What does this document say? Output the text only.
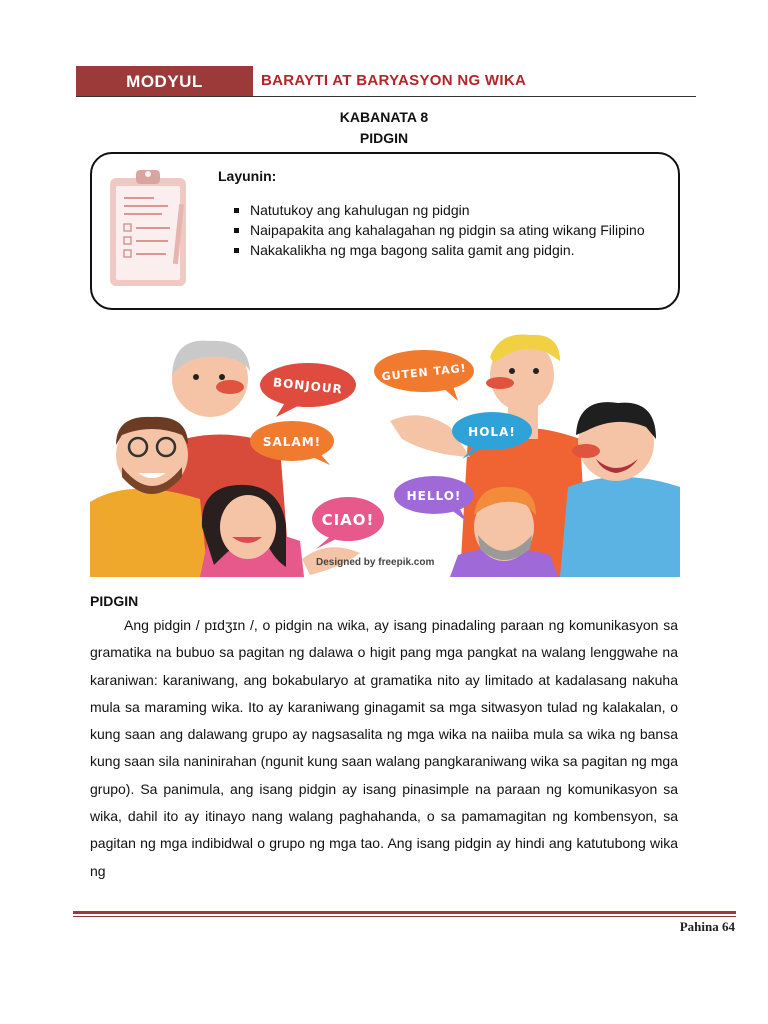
MODYUL	BARAYTI AT BARYASYON NG WIKA
KABANATA 8
PIDGIN
Layunin:
Natutukoy ang kahulugan ng pidgin
Naipapakita ang kahalagahan ng pidgin sa ating wikang Filipino
Nakakalikha ng mga bagong salita gamit ang pidgin.
BONJOUR
GUTEN TAG!
SALAM!
HOLA!
HELLO!
CIAO!
Designed by freepik.com
PIDGIN

Ang pidgin / pɪdʒɪn /, o pidgin na wika, ay isang pinadaling paraan ng komunikasyon sa gramatika na bubuo sa pagitan ng dalawa o higit pang mga pangkat na walang lenggwahe na karaniwan: karaniwang, ang bokabularyo at gramatika nito ay limitado at kadalasang nakuha mula sa maraming wika. Ito ay karaniwang ginagamit sa mga sitwasyon tulad ng kalakalan, o kung saan ang dalawang grupo ay nagsasalita ng mga wika na naiiba mula sa wika ng bansa kung saan sila naninirahan (ngunit kung saan walang pangkaraniwang wika sa pagitan ng mga grupo). Sa panimula, ang isang pidgin ay isang pinasimple na paraan ng komunikasyon sa wika, dahil ito ay itinayo nang walang paghahanda, o sa pamamagitan ng kombensyon, sa pagitan ng mga indibidwal o grupo ng mga tao. Ang isang pidgin ay hindi ang katutubong wika ng

Pahina 64
